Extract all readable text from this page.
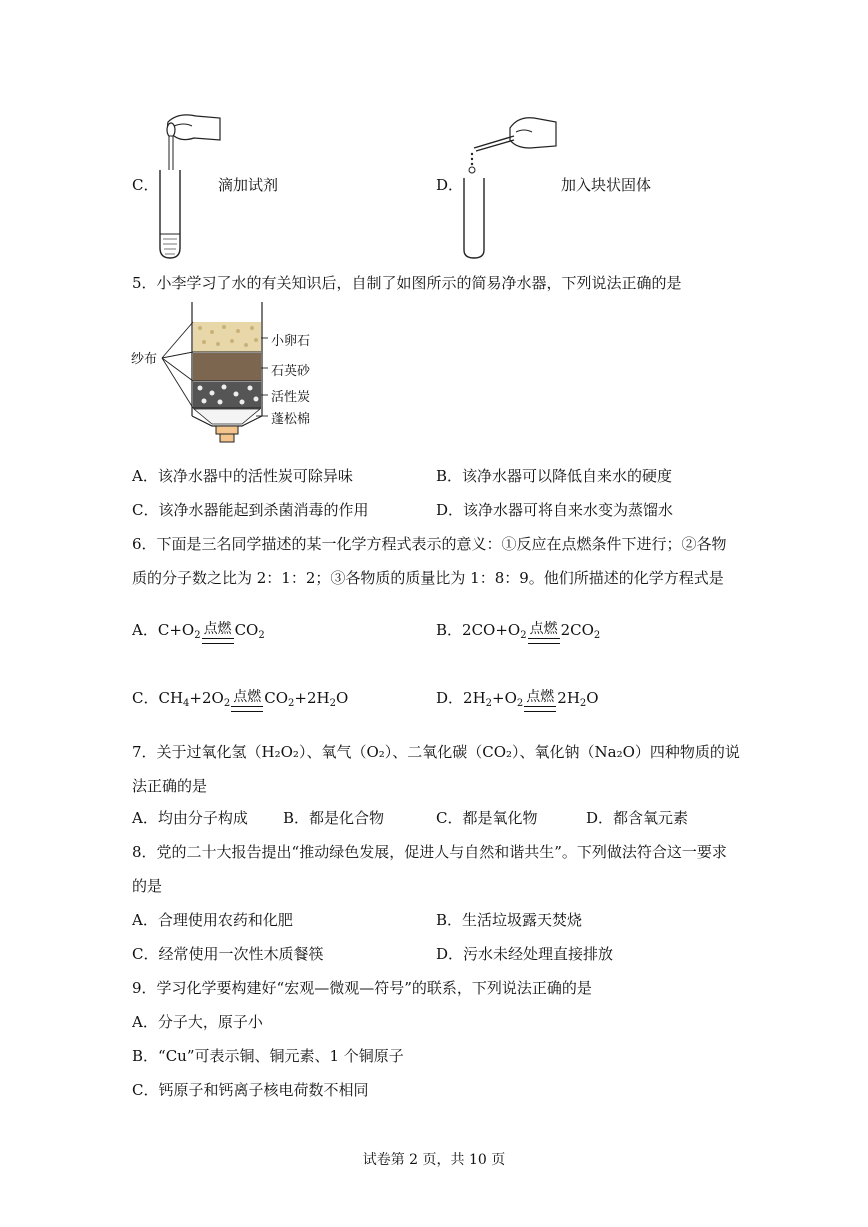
C．	滴加试剂	D．	加入块状固体
5．小李学习了水的有关知识后，自制了如图所示的简易净水器，下列说法正确的是
纱布
小卵石
石英砂
活性炭
蓬松棉
A．该净水器中的活性炭可除异味	B．该净水器可以降低自来水的硬度
C．该净水器能起到杀菌消毒的作用	D．该净水器可将自来水变为蒸馏水
6．下面是三名同学描述的某一化学方程式表示的意义：①反应在点燃条件下进行；②各物
质的分子数之比为 2：1：2；③各物质的质量比为 1：8：9。他们所描述的化学方程式是
A．$C+O_2$ 点燃 $CO_2$	B．$2CO+O_2$ 点燃 $2CO_2$
C．$CH_4+2O_2$ 点燃 $CO_2+2H_2O$	D．$2H_2+O_2$ 点燃 $2H_2O$
7．关于过氧化氢（H₂O₂）、氧气（O₂）、二氧化碳（CO₂）、氧化钠（Na₂O）四种物质的说
法正确的是
A．均由分子构成 B．都是化合物	C．都是氧化物	D．都含氧元素
8．党的二十大报告提出“推动绿色发展，促进人与自然和谐共生”。下列做法符合这一要求
的是
A．合理使用农药和化肥	B．生活垃圾露天焚烧
C．经常使用一次性木质餐筷	D．污水未经处理直接排放
9．学习化学要构建好“宏观—微观—符号”的联系，下列说法正确的是
A．分子大，原子小
B．“Cu”可表示铜、铜元素、1 个铜原子
C．钙原子和钙离子核电荷数不相同
试卷第 2 页，共 10 页
